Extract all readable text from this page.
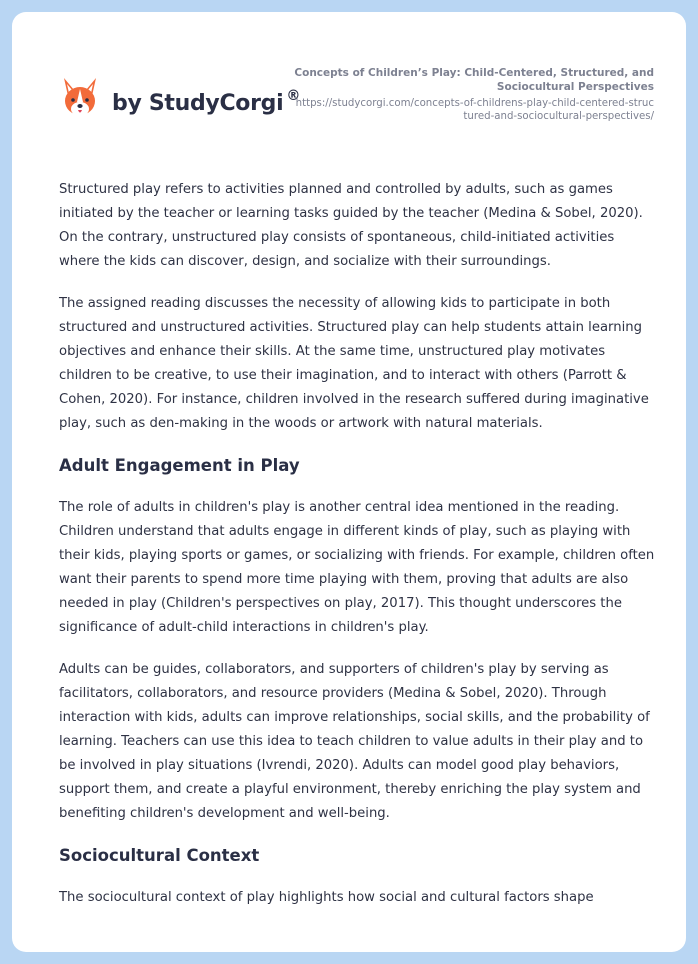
by StudyCorgi ®
Concepts of Children’s Play: Child-Centered, Structured, and Sociocultural Perspectives
https://studycorgi.com/concepts-of-childrens-play-child-centered-structured-and-sociocultural-perspectives/

Structured play refers to activities planned and controlled by adults, such as games initiated by the teacher or learning tasks guided by the teacher (Medina & Sobel, 2020). On the contrary, unstructured play consists of spontaneous, child-initiated activities where the kids can discover, design, and socialize with their surroundings.

The assigned reading discusses the necessity of allowing kids to participate in both structured and unstructured activities. Structured play can help students attain learning objectives and enhance their skills. At the same time, unstructured play motivates children to be creative, to use their imagination, and to interact with others (Parrott & Cohen, 2020). For instance, children involved in the research suffered during imaginative play, such as den-making in the woods or artwork with natural materials.

Adult Engagement in Play

The role of adults in children's play is another central idea mentioned in the reading. Children understand that adults engage in different kinds of play, such as playing with their kids, playing sports or games, or socializing with friends. For example, children often want their parents to spend more time playing with them, proving that adults are also needed in play (Children's perspectives on play, 2017). This thought underscores the significance of adult-child interactions in children's play.

Adults can be guides, collaborators, and supporters of children's play by serving as facilitators, collaborators, and resource providers (Medina & Sobel, 2020). Through interaction with kids, adults can improve relationships, social skills, and the probability of learning. Teachers can use this idea to teach children to value adults in their play and to be involved in play situations (Ivrendi, 2020). Adults can model good play behaviors, support them, and create a playful environment, thereby enriching the play system and benefiting children's development and well-being.

Sociocultural Context

The sociocultural context of play highlights how social and cultural factors shape
